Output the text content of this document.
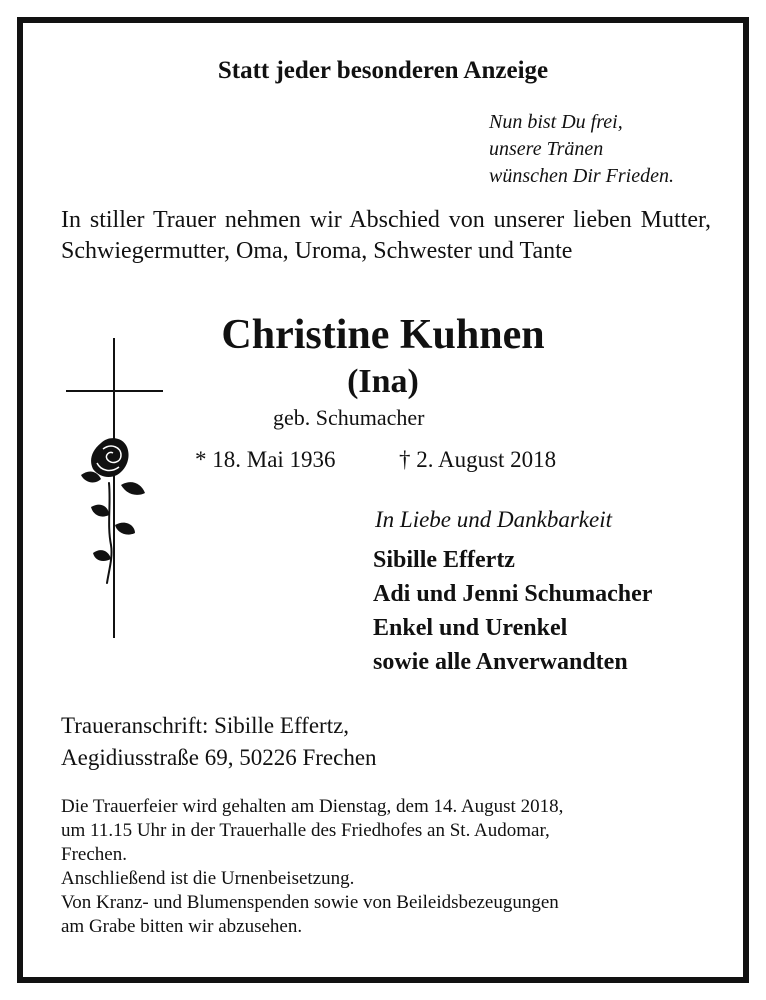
Statt jeder besonderen Anzeige
Nun bist Du frei,
unsere Tränen
wünschen Dir Frieden.
In stiller Trauer nehmen wir Abschied von unserer lieben Mutter, Schwiegermutter, Oma, Uroma, Schwester und Tante
Christine Kuhnen
(Ina)
geb. Schumacher
* 18. Mai 1936	† 2. August 2018
In Liebe und Dankbarkeit
Sibille Effertz
Adi und Jenni Schumacher
Enkel und Urenkel
sowie alle Anverwandten
Traueranschrift: Sibille Effertz,
Aegidiusstraße 69, 50226 Frechen
Die Trauerfeier wird gehalten am Dienstag, dem 14. August 2018,
um 11.15 Uhr in der Trauerhalle des Friedhofes an St. Audomar,
Frechen.
Anschließend ist die Urnenbeisetzung.
Von Kranz- und Blumenspenden sowie von Beileidsbezeugungen
am Grabe bitten wir abzusehen.
